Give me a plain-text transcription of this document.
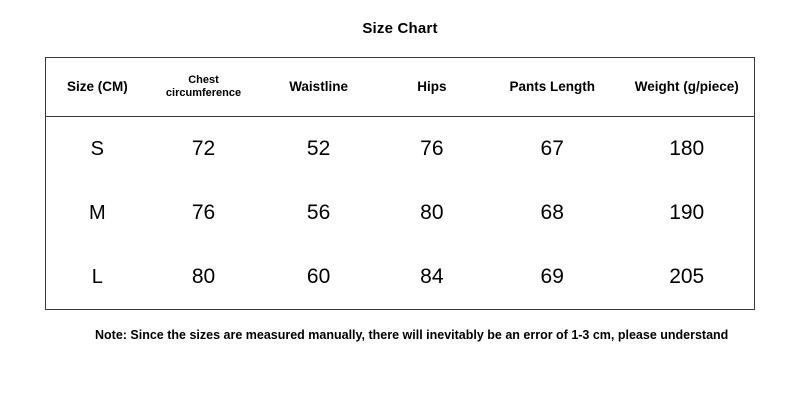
Size Chart
Size (CM)	Chest circumference	Waistline	Hips	Pants Length	Weight (g/piece)
S	72	52	76	67	180
M	76	56	80	68	190
L	80	60	84	69	205
Note: Since the sizes are measured manually, there will inevitably be an error of 1-3 cm, please understand
